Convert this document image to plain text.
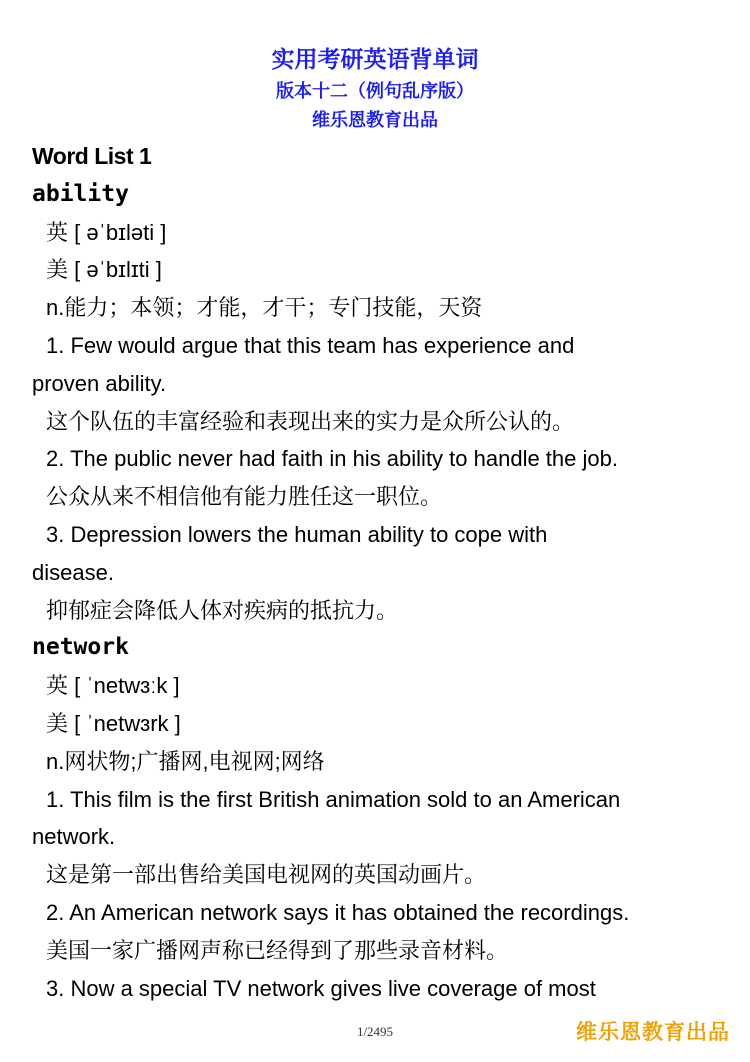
实用考研英语背单词
版本十二（例句乱序版）
维乐恩教育出品
Word List 1
ability
英 [ əˈbɪləti ]
美 [ əˈbɪlɪti ]
n.能力；本领；才能，才干；专门技能，天资
1. Few would argue that this team has experience and
proven ability.
这个队伍的丰富经验和表现出来的实力是众所公认的。
2. The public never had faith in his ability to handle the job.
公众从来不相信他有能力胜任这一职位。
3. Depression lowers the human ability to cope with
disease.
抑郁症会降低人体对疾病的抵抗力。
network
英 [ ˈnetwɜːk ]
美 [ ˈnetwɜrk ]
n.网状物;广播网,电视网;网络
1. This film is the first British animation sold to an American
network.
这是第一部出售给美国电视网的英国动画片。
2. An American network says it has obtained the recordings.
美国一家广播网声称已经得到了那些录音材料。
3. Now a special TV network gives live coverage of most
1/2495	维乐恩教育出品
